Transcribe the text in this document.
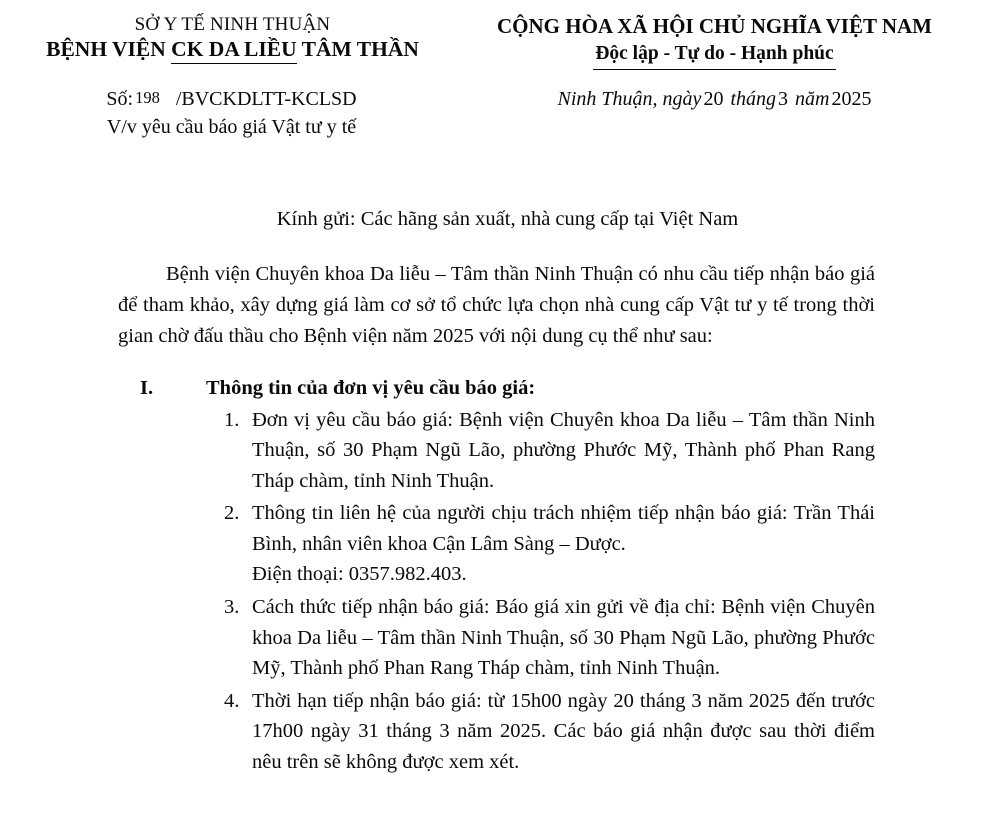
SỞ Y TẾ NINH THUẬN
BỆNH VIỆN CK DA LIỀU TÂM THẦN
CỘNG HÒA XÃ HỘI CHỦ NGHĨA VIỆT NAM
Độc lập - Tự do - Hạnh phúc
Số: 198 /BVCKDLTT-KCLSD
V/v yêu cầu báo giá Vật tư y tế
Ninh Thuận, ngày 20 tháng 3 năm 2025
Kính gửi: Các hãng sản xuất, nhà cung cấp tại Việt Nam

Bệnh viện Chuyên khoa Da liễu – Tâm thần Ninh Thuận có nhu cầu tiếp nhận báo giá để tham khảo, xây dựng giá làm cơ sở tổ chức lựa chọn nhà cung cấp Vật tư y tế trong thời gian chờ đấu thầu cho Bệnh viện năm 2025 với nội dung cụ thể như sau:

I.	Thông tin của đơn vị yêu cầu báo giá:
1. Đơn vị yêu cầu báo giá: Bệnh viện Chuyên khoa Da liễu – Tâm thần Ninh Thuận, số 30 Phạm Ngũ Lão, phường Phước Mỹ, Thành phố Phan Rang Tháp chàm, tỉnh Ninh Thuận.
2. Thông tin liên hệ của người chịu trách nhiệm tiếp nhận báo giá: Trần Thái Bình, nhân viên khoa Cận Lâm Sàng – Dược.
Điện thoại: 0357.982.403.
3. Cách thức tiếp nhận báo giá: Báo giá xin gửi về địa chỉ: Bệnh viện Chuyên khoa Da liễu – Tâm thần Ninh Thuận, số 30 Phạm Ngũ Lão, phường Phước Mỹ, Thành phố Phan Rang Tháp chàm, tỉnh Ninh Thuận.
4. Thời hạn tiếp nhận báo giá: từ 15h00 ngày 20 tháng 3 năm 2025 đến trước 17h00 ngày 31 tháng 3 năm 2025. Các báo giá nhận được sau thời điểm nêu trên sẽ không được xem xét.
